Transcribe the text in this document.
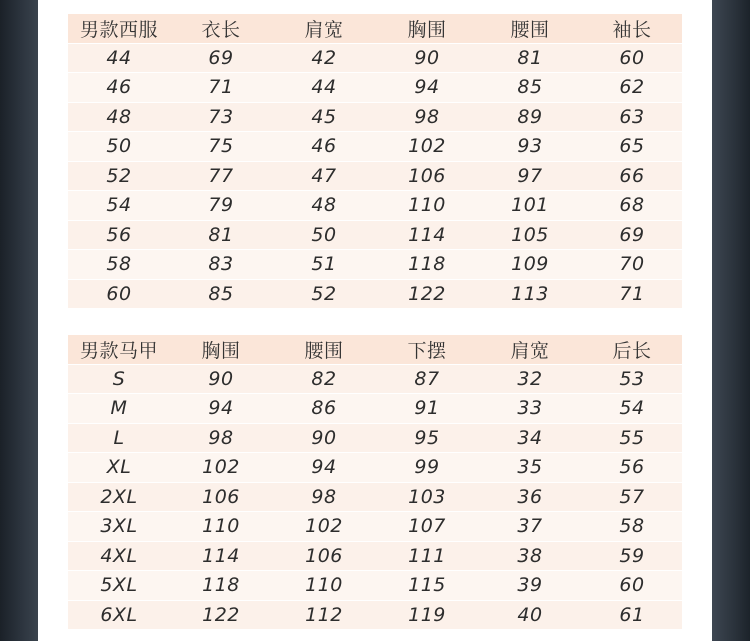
男款西服	衣长	肩宽	胸围	腰围	袖长
44	69	42	90	81	60
46	71	44	94	85	62
48	73	45	98	89	63
50	75	46	102	93	65
52	77	47	106	97	66
54	79	48	110	101	68
56	81	50	114	105	69
58	83	51	118	109	70
60	85	52	122	113	71
男款马甲	胸围	腰围	下摆	肩宽	后长
S	90	82	87	32	53
M	94	86	91	33	54
L	98	90	95	34	55
XL	102	94	99	35	56
2XL	106	98	103	36	57
3XL	110	102	107	37	58
4XL	114	106	111	38	59
5XL	118	110	115	39	60
6XL	122	112	119	40	61
